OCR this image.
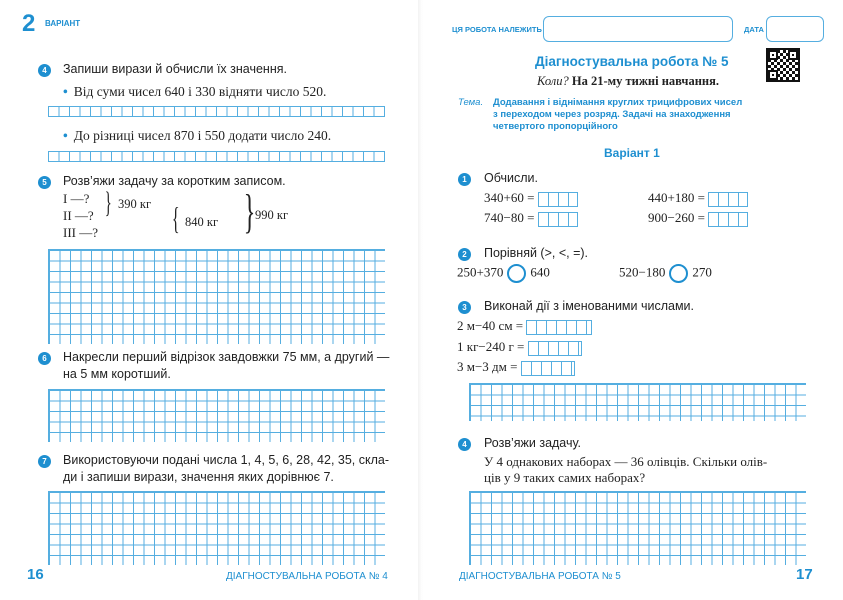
2 ВАРІАНТ
4	Запиши вирази й обчисли їх значення.
• Від суми чисел 640 і 330 відняти число 520.
• До різниці чисел 870 і 550 додати число 240.
5	Розв’яжи задачу за коротким записом.
I —?
II —?
III —?
} 390 кг { 840 кг } 990 кг
6	Накресли перший відрізок завдовжки 75 мм, а другий —
на 5 мм коротший.
7	Використовуючи подані числа 1, 4, 5, 6, 28, 42, 35, скла-
ди і запиши вирази, значення яких дорівнює 7.
16	ДІАГНОСТУВАЛЬНА РОБОТА № 4
ЦЯ РОБОТА НАЛЕЖИТЬ	ДАТА
Діагностувальна робота № 5
Коли? На 21-му тижні навчання.
Тема. Додавання і віднімання круглих трицифрових чисел
з переходом через розряд. Задачі на знаходження
четвертого пропорційного
Варіант 1
1	Обчисли.
340+60 =	440+180 =
740−80 =	900−260 =
2	Порівняй (>, <, =).
250+370 640	520−180 270
3	Виконай дії з іменованими числами.
2 м−40 см =
1 кг−240 г =
3 м−3 дм =
4	Розв’яжи задачу.
У 4 однакових наборах — 36 олівців. Скільки олів-
ців у 9 таких самих наборах?
ДІАГНОСТУВАЛЬНА РОБОТА № 5	17
